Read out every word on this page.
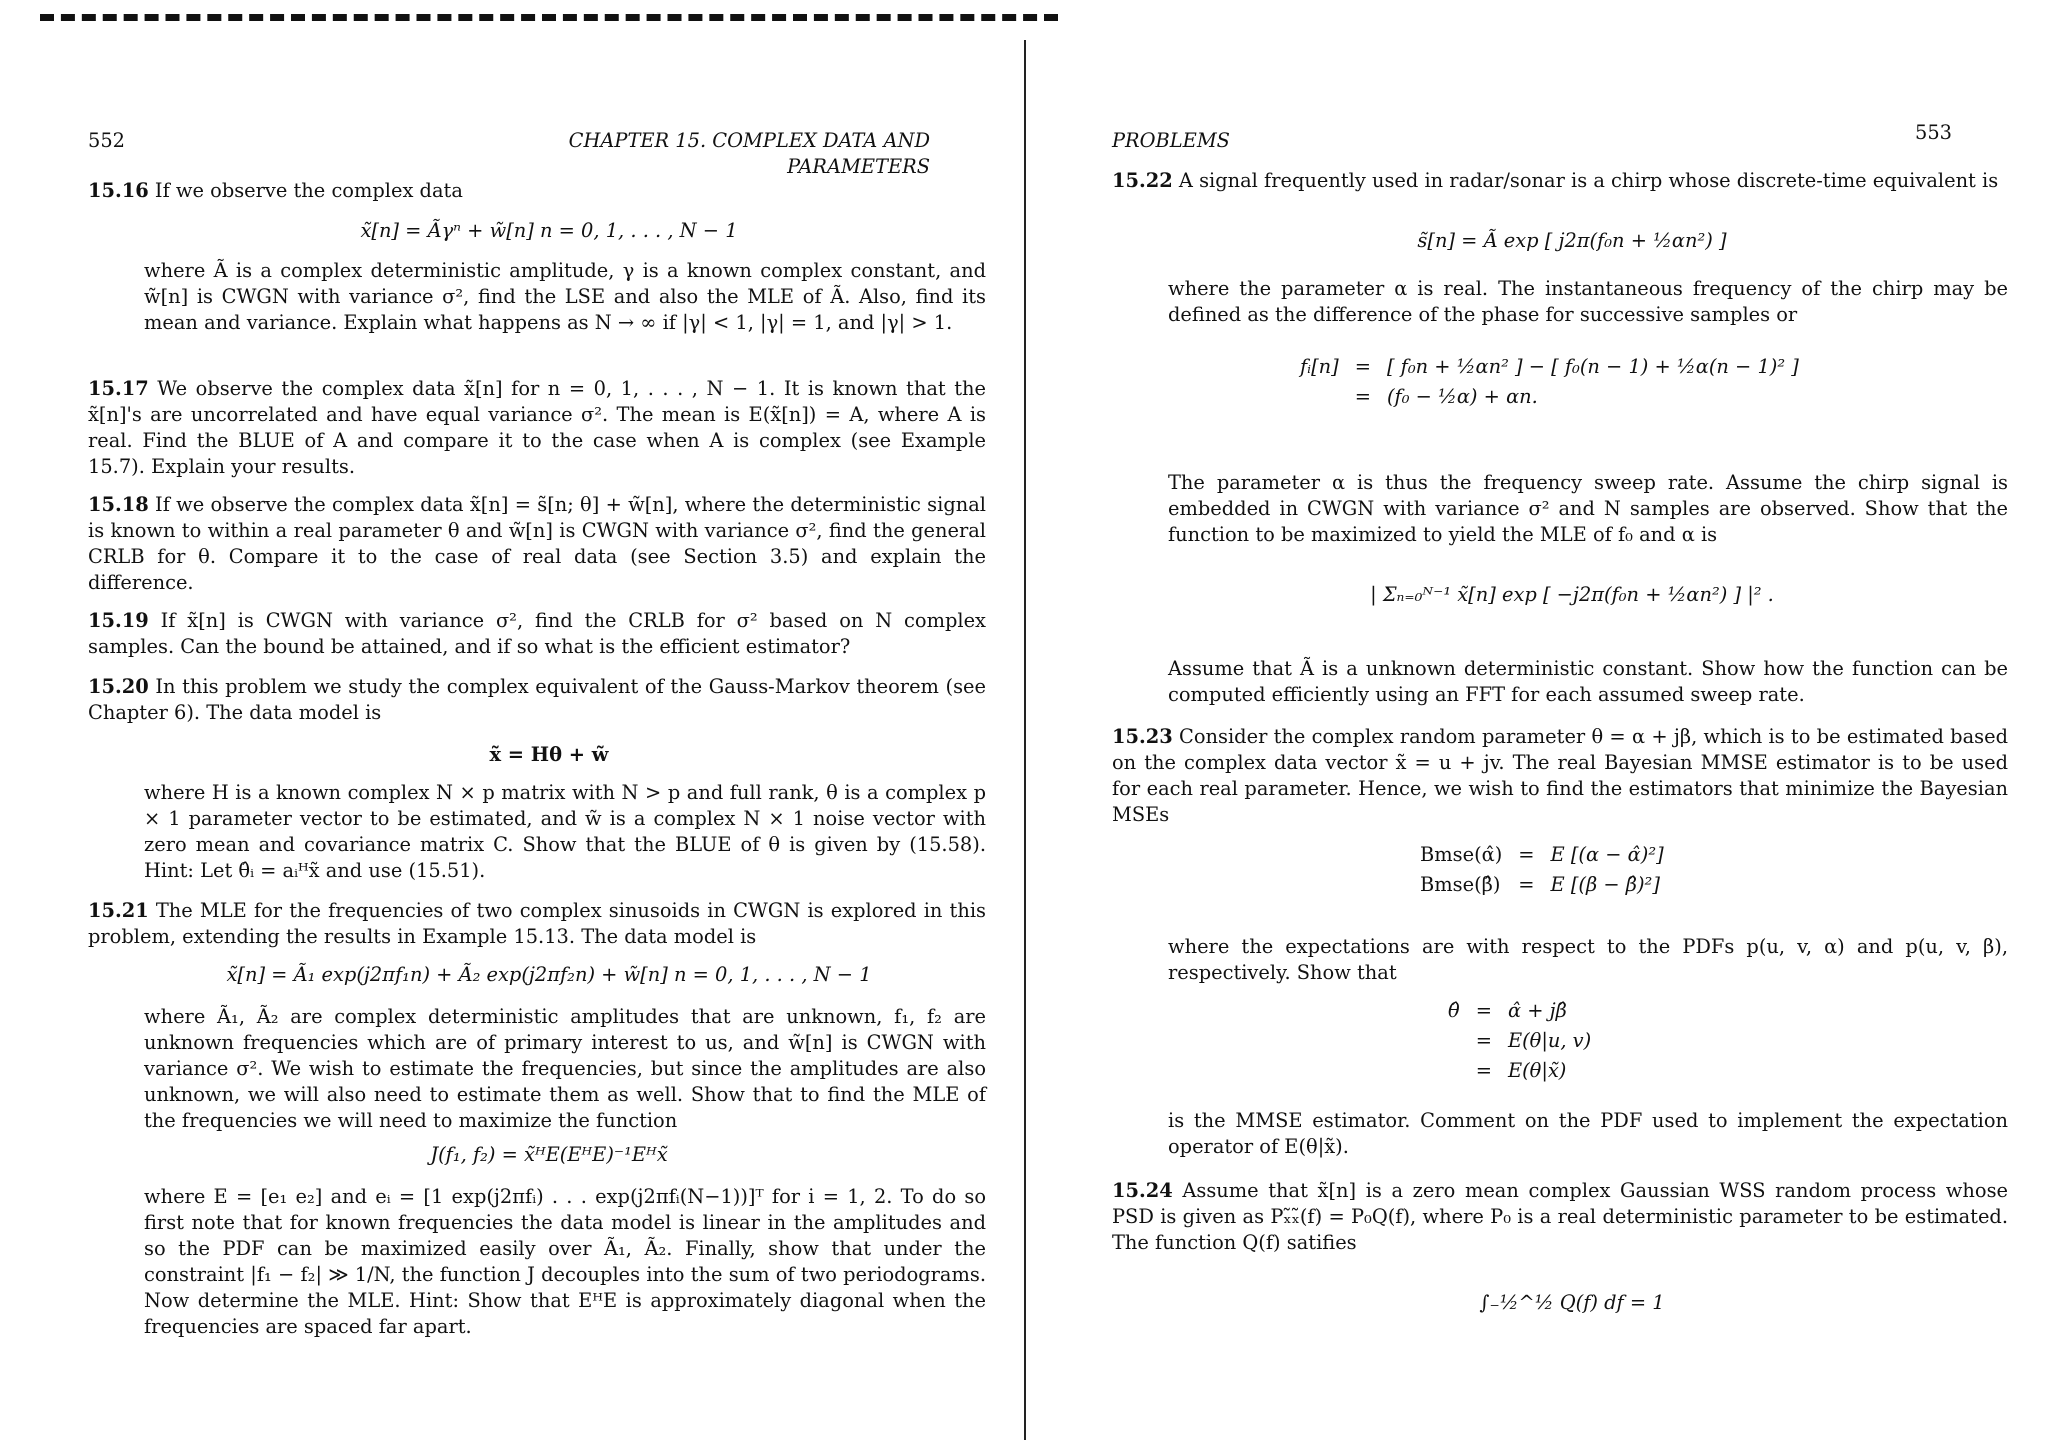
552	CHAPTER 15. COMPLEX DATA AND PARAMETERS

15.16 If we observe the complex data

x̃[n] = Ãγⁿ + w̃[n] n = 0, 1, . . . , N − 1

where Ã is a complex deterministic amplitude, γ is a known complex constant, and w̃[n] is CWGN with variance σ², find the LSE and also the MLE of Ã. Also, find its mean and variance. Explain what happens as N → ∞ if |γ| < 1, |γ| = 1, and |γ| > 1.

15.17 We observe the complex data x̃[n] for n = 0, 1, . . . , N − 1. It is known that the x̃[n]'s are uncorrelated and have equal variance σ². The mean is E(x̃[n]) = A, where A is real. Find the BLUE of A and compare it to the case when A is complex (see Example 15.7). Explain your results.

15.18 If we observe the complex data x̃[n] = s̃[n; θ] + w̃[n], where the deterministic signal is known to within a real parameter θ and w̃[n] is CWGN with variance σ², find the general CRLB for θ. Compare it to the case of real data (see Section 3.5) and explain the difference.

15.19 If x̃[n] is CWGN with variance σ², find the CRLB for σ² based on N complex samples. Can the bound be attained, and if so what is the efficient estimator?

15.20 In this problem we study the complex equivalent of the Gauss-Markov theorem (see Chapter 6). The data model is

x̃ = Hθ + w̃

where H is a known complex N × p matrix with N > p and full rank, θ is a complex p × 1 parameter vector to be estimated, and w̃ is a complex N × 1 noise vector with zero mean and covariance matrix C. Show that the BLUE of θ is given by (15.58). Hint: Let θ̂ᵢ = aᵢᴴx̃ and use (15.51).

15.21 The MLE for the frequencies of two complex sinusoids in CWGN is explored in this problem, extending the results in Example 15.13. The data model is

x̃[n] = Ã₁ exp(j2πf₁n) + Ã₂ exp(j2πf₂n) + w̃[n] n = 0, 1, . . . , N − 1

where Ã₁, Ã₂ are complex deterministic amplitudes that are unknown, f₁, f₂ are unknown frequencies which are of primary interest to us, and w̃[n] is CWGN with variance σ². We wish to estimate the frequencies, but since the amplitudes are also unknown, we will also need to estimate them as well. Show that to find the MLE of the frequencies we will need to maximize the function

J(f₁, f₂) = x̃ᴴE(EᴴE)⁻¹Eᴴx̃

where E = [e₁ e₂] and eᵢ = [1 exp(j2πfᵢ) . . . exp(j2πfᵢ(N−1))]ᵀ for i = 1, 2. To do so first note that for known frequencies the data model is linear in the amplitudes and so the PDF can be maximized easily over Ã₁, Ã₂. Finally, show that under the constraint |f₁ − f₂| ≫ 1/N, the function J decouples into the sum of two periodograms. Now determine the MLE. Hint: Show that EᴴE is approximately diagonal when the frequencies are spaced far apart.

PROBLEMS	553

15.22 A signal frequently used in radar/sonar is a chirp whose discrete-time equivalent is

s̃[n] = Ã exp [ j2π(f₀n + ½αn²) ]

where the parameter α is real. The instantaneous frequency of the chirp may be defined as the difference of the phase for successive samples or

fᵢ[n]	=	[ f₀n + ½αn² ] − [ f₀(n − 1) + ½α(n − 1)² ]
	=	(f₀ − ½α) + αn.

The parameter α is thus the frequency sweep rate. Assume the chirp signal is embedded in CWGN with variance σ² and N samples are observed. Show that the function to be maximized to yield the MLE of f₀ and α is

| Σₙ₌₀ᴺ⁻¹ x̃[n] exp [ −j2π(f₀n + ½αn²) ] |² .

Assume that Ã is a unknown deterministic constant. Show how the function can be computed efficiently using an FFT for each assumed sweep rate.

15.23 Consider the complex random parameter θ = α + jβ, which is to be estimated based on the complex data vector x̃ = u + jv. The real Bayesian MMSE estimator is to be used for each real parameter. Hence, we wish to find the estimators that minimize the Bayesian MSEs

Bmse(α̂)	=	E [(α − α̂)²]
Bmse(β̂)	=	E [(β − β̂)²]

where the expectations are with respect to the PDFs p(u, v, α) and p(u, v, β), respectively. Show that

θ̂	=	α̂ + jβ̂
	=	E(θ|u, v)
	=	E(θ|x̃)

is the MMSE estimator. Comment on the PDF used to implement the expectation operator of E(θ|x̃).

15.24 Assume that x̃[n] is a zero mean complex Gaussian WSS random process whose PSD is given as Pₓ̃ₓ̃(f) = P₀Q(f), where P₀ is a real deterministic parameter to be estimated. The function Q(f) satifies

∫₋½^½ Q(f) df = 1
